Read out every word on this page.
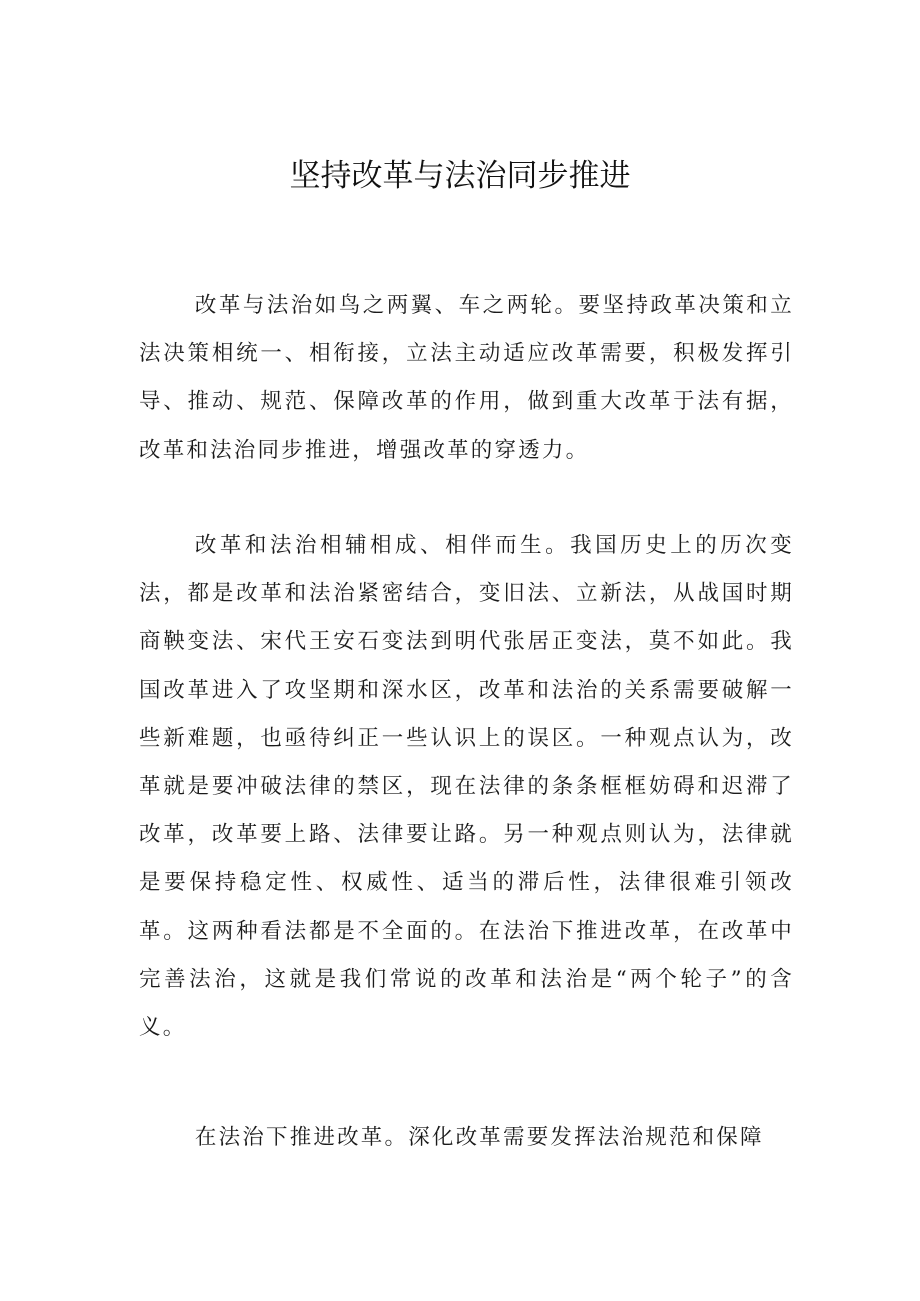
坚持改革与法治同步推进

改革与法治如鸟之两翼、车之两轮。要坚持政革决策和立法决策相统一、相衔接，立法主动适应改革需要，积极发挥引导、推动、规范、保障改革的作用，做到重大改革于法有据，改革和法治同步推进，增强改革的穿透力。

改革和法治相辅相成、相伴而生。我国历史上的历次变法，都是改革和法治紧密结合，变旧法、立新法，从战国时期商鞅变法、宋代王安石变法到明代张居正变法，莫不如此。我国改革进入了攻坚期和深水区，改革和法治的关系需要破解一些新难题，也亟待纠正一些认识上的误区。一种观点认为，改革就是要冲破法律的禁区，现在法律的条条框框妨碍和迟滞了改革，改革要上路、法律要让路。另一种观点则认为，法律就是要保持稳定性、权威性、适当的滞后性，法律很难引领改革。这两种看法都是不全面的。在法治下推进改革，在改革中完善法治，这就是我们常说的改革和法治是“两个轮子”的含义。

在法治下推进改革。深化改革需要发挥法治规范和保障
